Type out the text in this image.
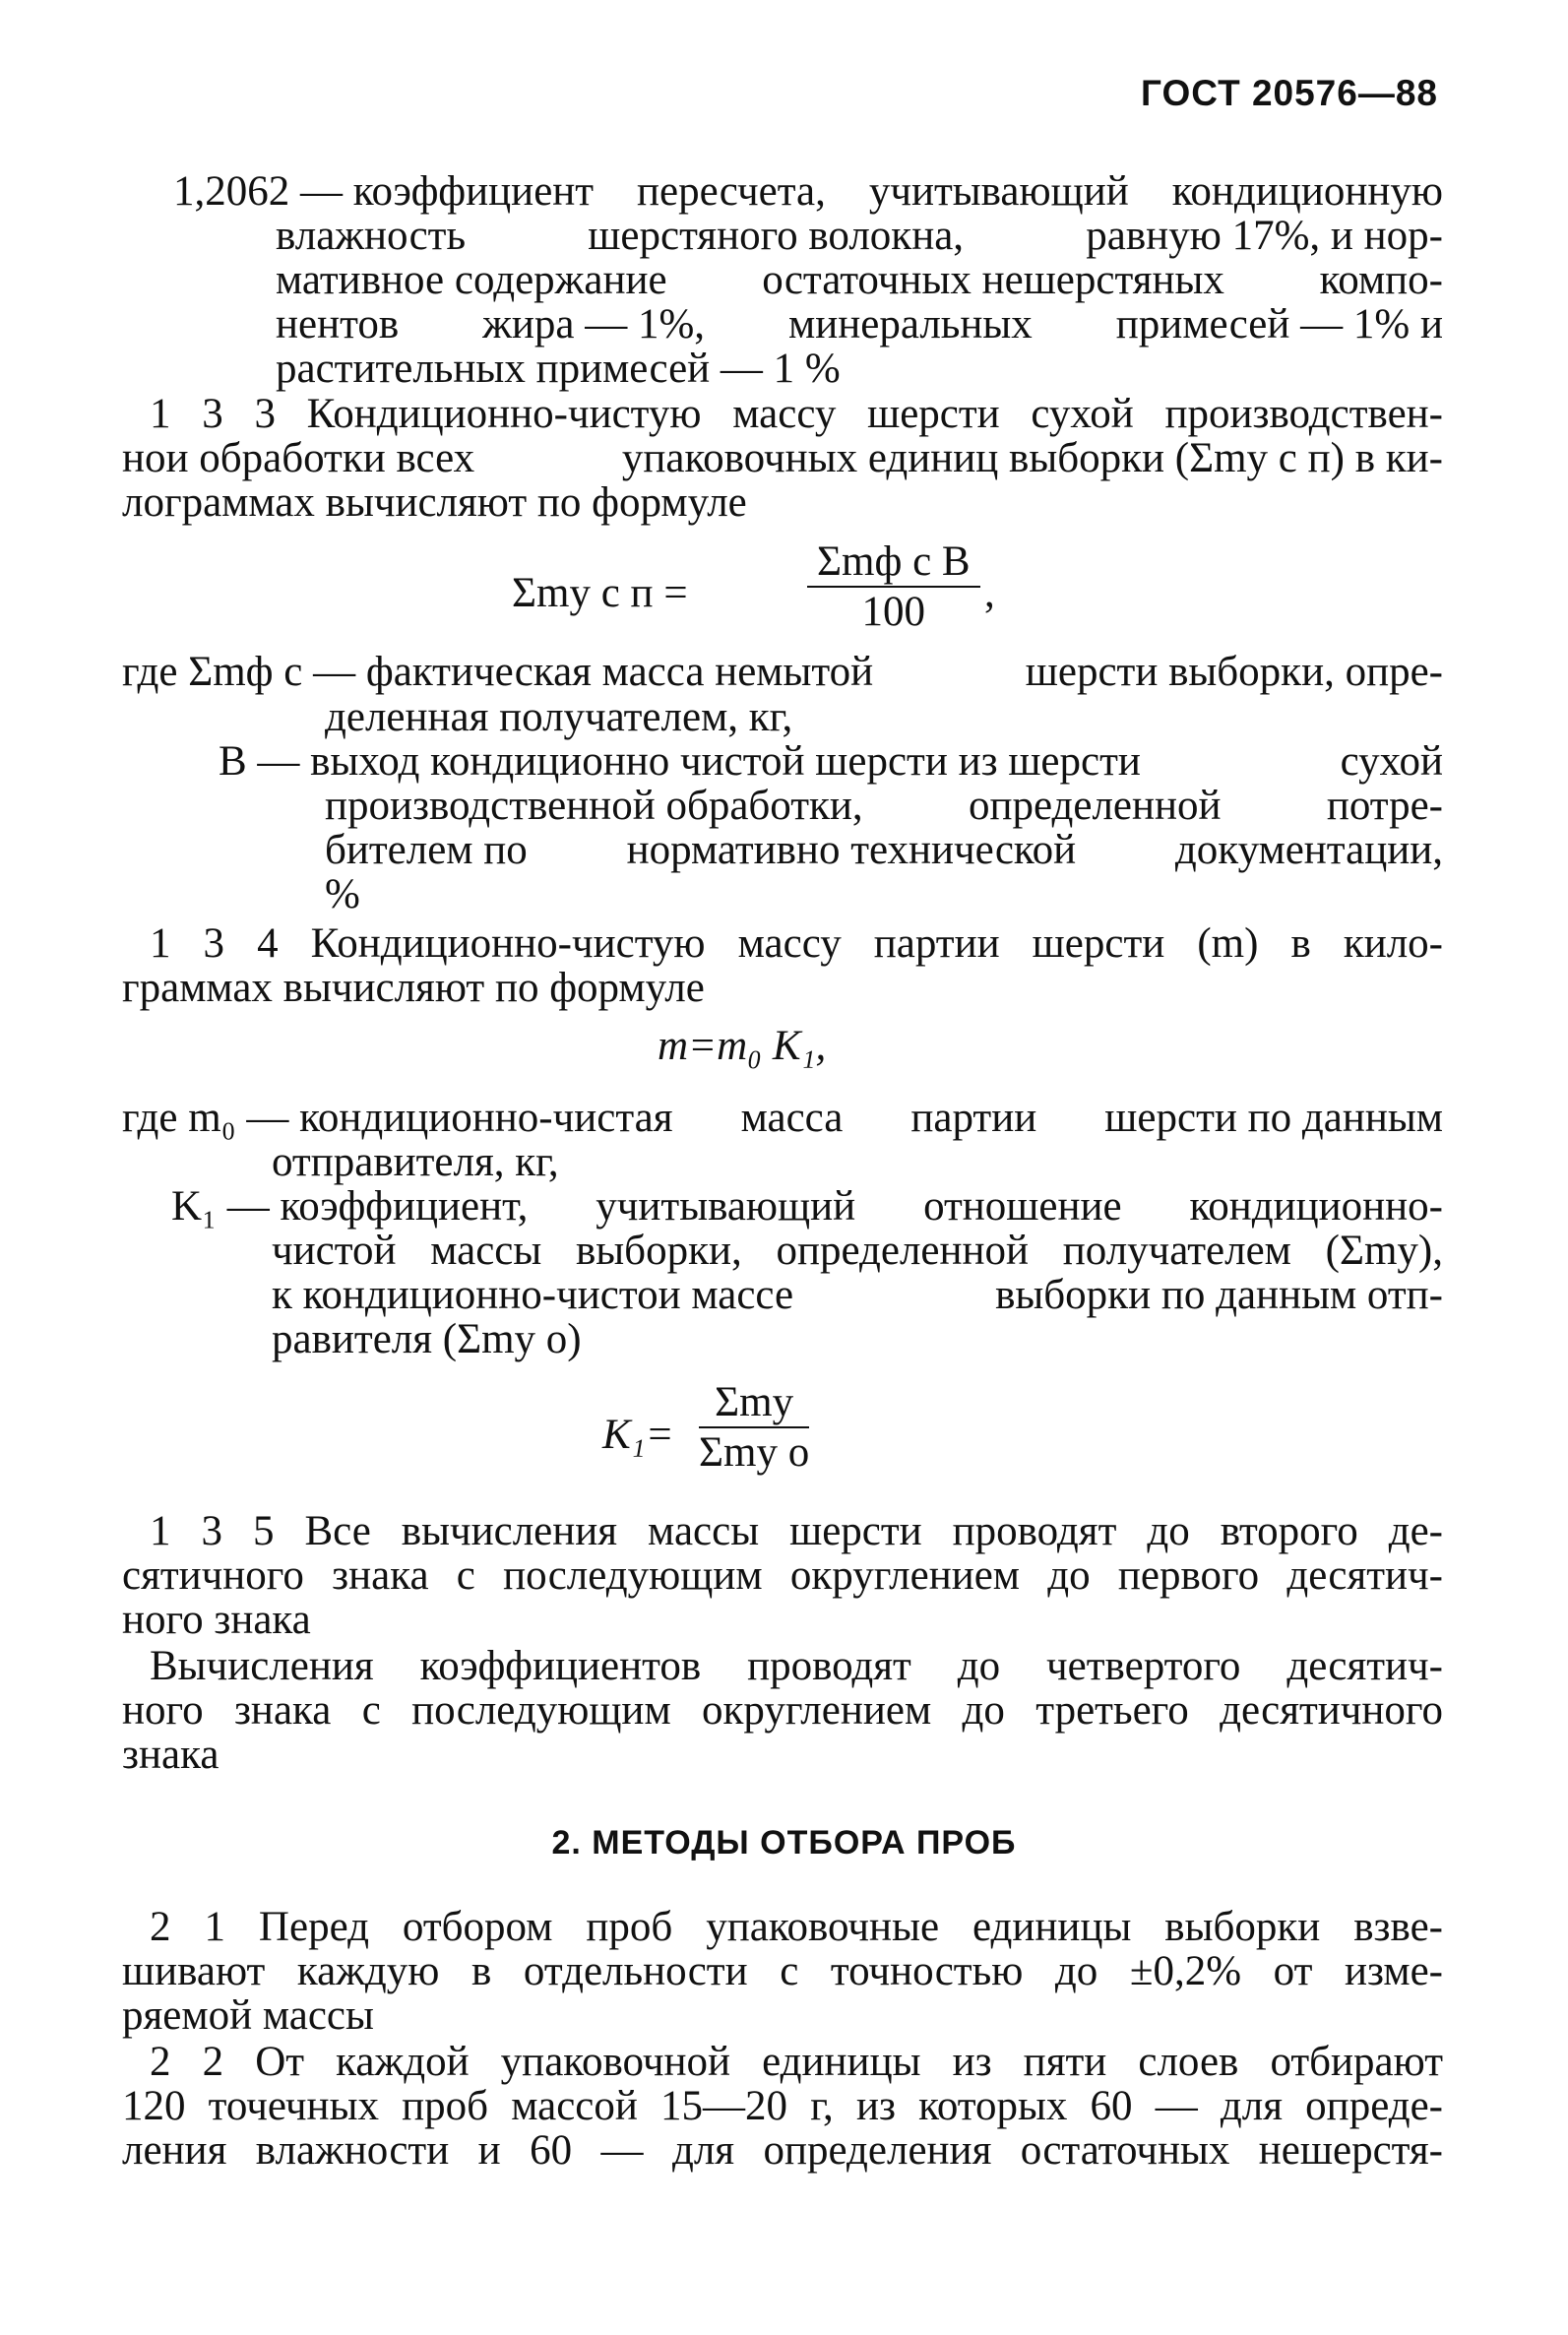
ГОСТ 20576—88
1,2062 — коэффициент пересчета, учитывающий кондиционную
влажность	шерстяного волокна,	равную 17%, и нор-
мативное содержание остаточных нешерстяных компо-
нентов жира — 1%, минеральных примесей — 1% и
растительных примесей — 1 %
1 3 3 Кондиционно-чистую массу шерсти сухой производствен-
нои обработки всех	упаковочных единиц выборки (Σmу с п) в ки-
лограммах вычисляют по формуле
Σmу с п =
Σmф с B
100 ,
где Σmф с — фактическая масса немытой	шерсти выборки, опре-
деленная получателем, кг,
B — выход кондиционно чистой шерсти из шерсти	сухой
производственной обработки, определенной потре-
бителем по нормативно технической документации,
%
1 3 4 Кондиционно-чистую массу партии шерсти (m) в кило-
граммах вычисляют по формуле
m=m₀ K₁,
где m₀ — кондиционно-чистая масса партии шерсти по данным
отправителя, кг,
K₁ — коэффициент, учитывающий отношение кондиционно-
чистой массы выборки, определенной получателем (Σmу),
к кондиционно-чистои массе	выборки по данным отп-
равителя (Σmу о)
K₁=
Σmу
Σmу о
1 3 5 Все вычисления массы шерсти проводят до второго де-
сятичного знака с последующим округлением до первого десятич-
ного знака
Вычисления коэффициентов проводят до четвертого десятич-
ного знака с последующим округлением до третьего десятичного
знака
2. МЕТОДЫ ОТБОРА ПРОБ
2 1 Перед отбором проб упаковочные единицы выборки взве-
шивают каждую в отдельности с точностью до ±0,2% от изме-
ряемой массы
2 2 От каждой упаковочной единицы из пяти слоев отбирают
120 точечных проб массой 15—20 г, из которых 60 — для опреде-
ления влажности и 60 — для определения остаточных нешерстя-
